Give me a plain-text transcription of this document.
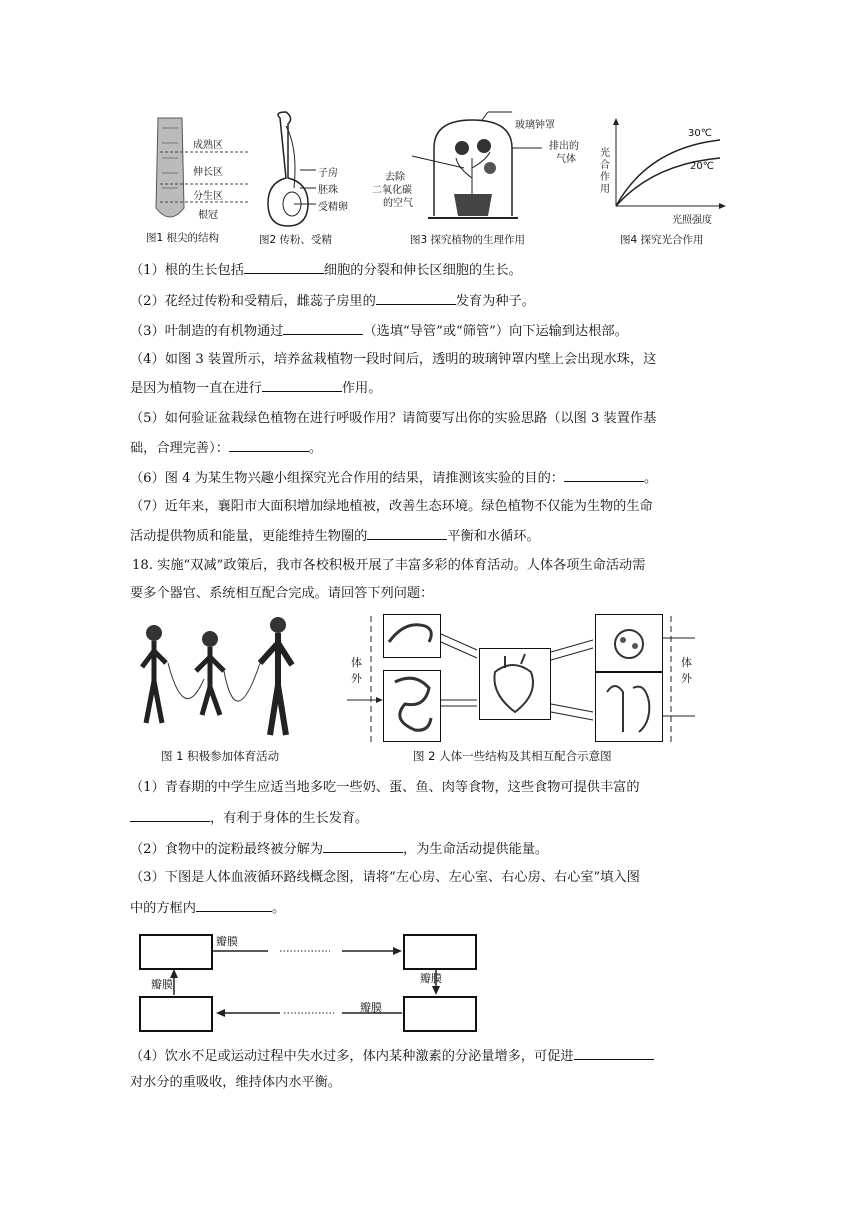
成熟区
伸长区
分生区
根冠
图1 根尖的结构
子房
胚珠
受精卵
图2 传粉、受精
玻璃钟罩
排出的
气体
去除
二氧化碳
的空气
图3 探究植物的生理作用
光
合
作
用
30℃
20℃
光照强度
图4 探究光合作用
（1）根的生长包括	细胞的分裂和伸长区细胞的生长。
（2）花经过传粉和受精后，雌蕊子房里的	发育为种子。
（3）叶制造的有机物通过	（选填“导管”或“筛管”）向下运输到达根部。
（4）如图 3 装置所示，培养盆栽植物一段时间后，透明的玻璃钟罩内壁上会出现水珠，这
是因为植物一直在进行	作用。
（5）如何验证盆栽绿色植物在进行呼吸作用？请简要写出你的实验思路（以图 3 装置作基
础，合理完善）：	。
（6）图 4 为某生物兴趣小组探究光合作用的结果，请推测该实验的目的：	。
（7）近年来，襄阳市大面积增加绿地植被，改善生态环境。绿色植物不仅能为生物的生命
活动提供物质和能量，更能维持生物圈的	平衡和水循环。
18. 实施“双减”政策后，我市各校积极开展了丰富多彩的体育活动。人体各项生命活动需
要多个器官、系统相互配合完成。请回答下列问题：
图 1 积极参加体育活动
体
外
体
外
图 2 人体一些结构及其相互配合示意图
（1）青春期的中学生应适当地多吃一些奶、蛋、鱼、肉等食物，这些食物可提供丰富的
，有利于身体的生长发育。
（2）食物中的淀粉最终被分解为	，为生命活动提供能量。
（3）下图是人体血液循环路线概念图，请将“左心房、左心室、右心房、右心室”填入图
中的方框内	。
瓣膜
瓣膜
瓣膜
瓣膜
（4）饮水不足或运动过程中失水过多，体内某种激素的分泌量增多，可促进
对水分的重吸收，维持体内水平衡。
